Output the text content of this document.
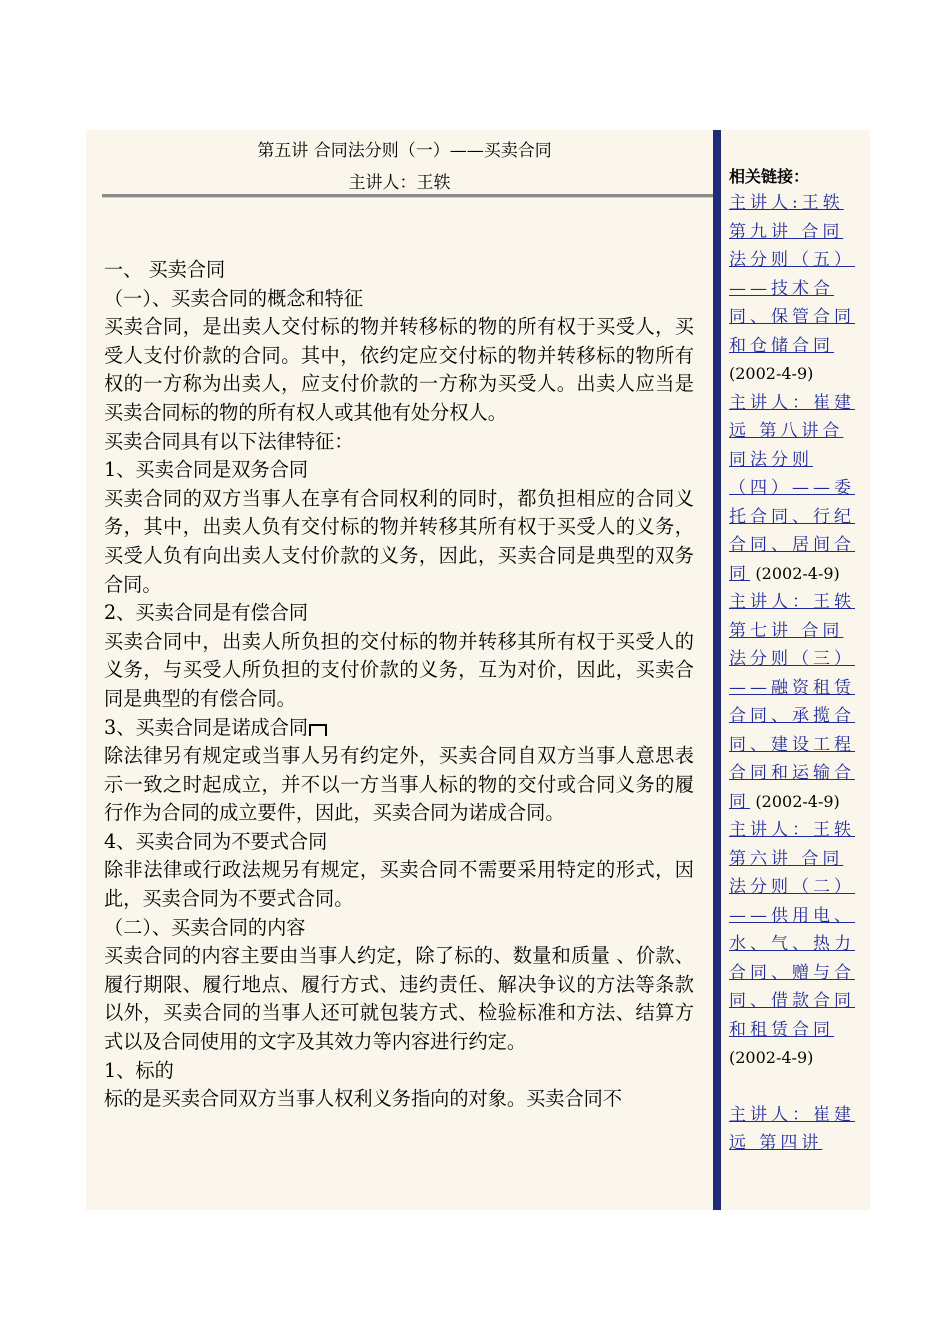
第五讲 合同法分则（一）——买卖合同
主讲人：王轶

一、 买卖合同

（一）、买卖合同的概念和特征

买卖合同，是出卖人交付标的物并转移标的物的所有权于买受人，买受人支付价款的合同。其中，依约定应交付标的物并转移标的物所有权的一方称为出卖人，应支付价款的一方称为买受人。出卖人应当是买卖合同标的物的所有权人或其他有处分权人。

买卖合同具有以下法律特征：

1、买卖合同是双务合同

买卖合同的双方当事人在享有合同权利的同时，都负担相应的合同义务，其中，出卖人负有交付标的物并转移其所有权于买受人的义务，买受人负有向出卖人支付价款的义务，因此，买卖合同是典型的双务合同。

2、买卖合同是有偿合同

买卖合同中，出卖人所负担的交付标的物并转移其所有权于买受人的义务，与买受人所负担的支付价款的义务，互为对价，因此，买卖合同是典型的有偿合同。

3、买卖合同是诺成合同

除法律另有规定或当事人另有约定外，买卖合同自双方当事人意思表示一致之时起成立，并不以一方当事人标的物的交付或合同义务的履行作为合同的成立要件，因此，买卖合同为诺成合同。

4、买卖合同为不要式合同

除非法律或行政法规另有规定，买卖合同不需要采用特定的形式，因此，买卖合同为不要式合同。

（二）、买卖合同的内容

买卖合同的内容主要由当事人约定，除了标的、数量和质量 、价款、履行期限、履行地点、履行方式、违约责任、解决争议的方法等条款以外，买卖合同的当事人还可就包装方式、检验标准和方法、结算方式以及合同使用的文字及其效力等内容进行约定。

1、标的

标的是买卖合同双方当事人权利义务指向的对象。买卖合同不

相关链接：
主讲人:王轶 第九讲 合同法分则（五）——技术合同、保管合同和仓储合同 (2002-4-9)
主讲人：崔建远 第八讲合同法分则（四）——委托合同、行纪合同、居间合同 (2002-4-9)
主讲人：王轶 第七讲 合同法分则（三）——融资租赁合同、承揽合同、建设工程合同和运输合同 (2002-4-9)
主讲人：王轶 第六讲 合同法分则（二）——供用电、水、气、热力合同、赠与合同、借款合同和租赁合同 (2002-4-9)
主讲人：崔建远 第四讲
